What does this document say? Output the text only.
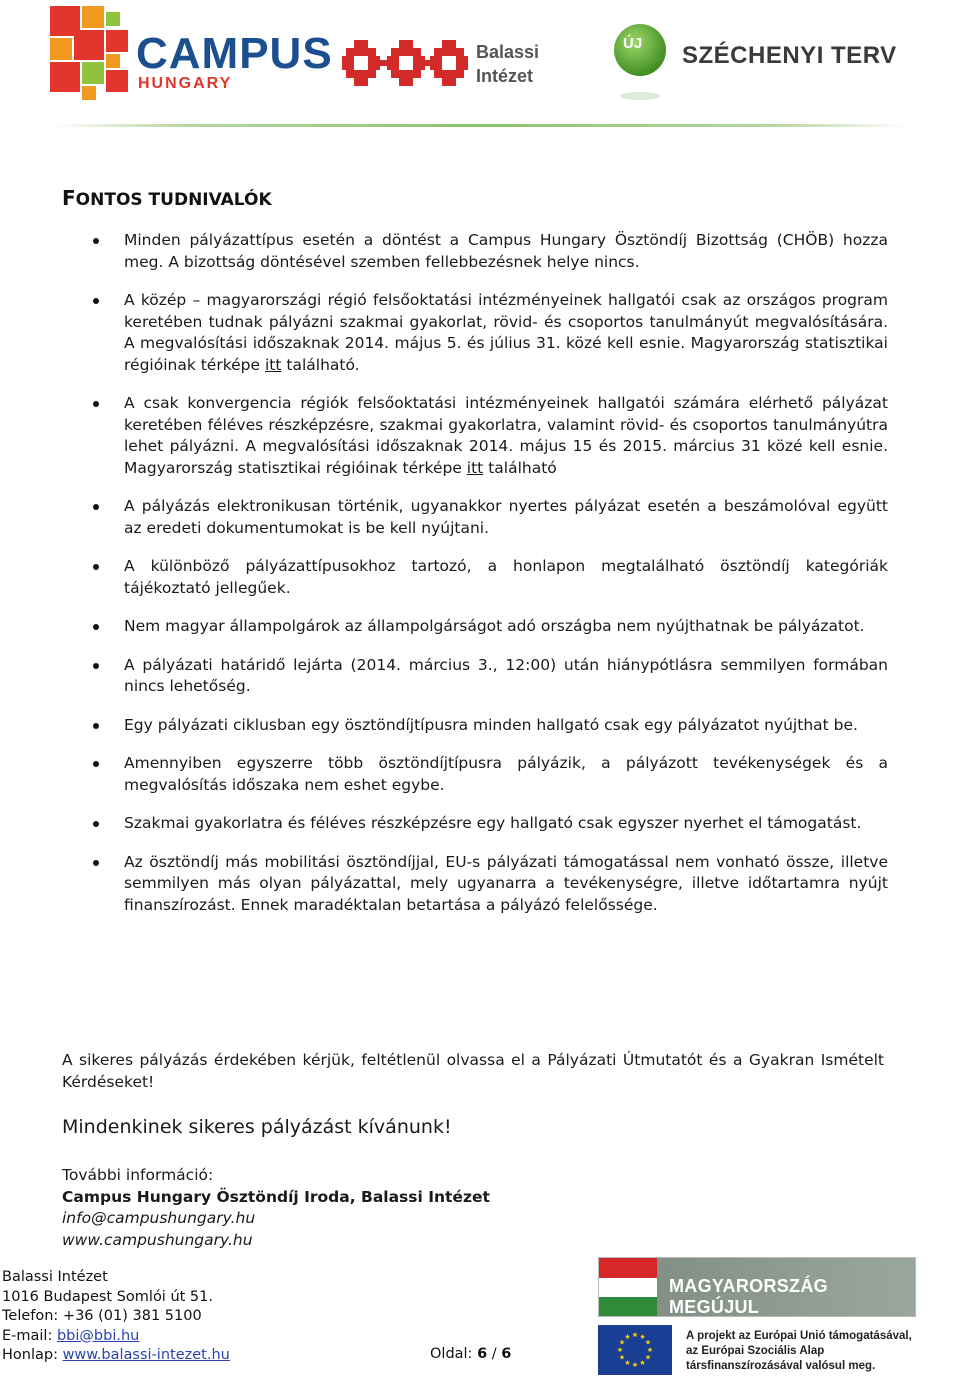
CAMPUS
HUNGARY
Balassi
Intézet
ÚJ SZÉCHENYI TERV
FONTOS TUDNIVALÓK
Minden pályázattípus esetén a döntést a Campus Hungary Ösztöndíj Bizottság (CHÖB) hozza meg. A bizottság döntésével szemben fellebbezésnek helye nincs.
A közép – magyarországi régió felsőoktatási intézményeinek hallgatói csak az országos program keretében tudnak pályázni szakmai gyakorlat, rövid- és csoportos tanulmányút megvalósítására. A megvalósítási időszaknak 2014. május 5. és július 31. közé kell esnie. Magyarország statisztikai régióinak térképe itt található.
A csak konvergencia régiók felsőoktatási intézményeinek hallgatói számára elérhető pályázat keretében féléves részképzésre, szakmai gyakorlatra, valamint rövid- és csoportos tanulmányútra lehet pályázni. A megvalósítási időszaknak 2014. május 15 és 2015. március 31 közé kell esnie. Magyarország statisztikai régióinak térképe itt található
A pályázás elektronikusan történik, ugyanakkor nyertes pályázat esetén a beszámolóval együtt az eredeti dokumentumokat is be kell nyújtani.
A különböző pályázattípusokhoz tartozó, a honlapon megtalálható ösztöndíj kategóriák tájékoztató jellegűek.
Nem magyar állampolgárok az állampolgárságot adó országba nem nyújthatnak be pályázatot.
A pályázati határidő lejárta (2014. március 3., 12:00) után hiánypótlásra semmilyen formában nincs lehetőség.
Egy pályázati ciklusban egy ösztöndíjtípusra minden hallgató csak egy pályázatot nyújthat be.
Amennyiben egyszerre több ösztöndíjtípusra pályázik, a pályázott tevékenységek és a megvalósítás időszaka nem eshet egybe.
Szakmai gyakorlatra és féléves részképzésre egy hallgató csak egyszer nyerhet el támogatást.
Az ösztöndíj más mobilitási ösztöndíjjal, EU-s pályázati támogatással nem vonható össze, illetve semmilyen más olyan pályázattal, mely ugyanarra a tevékenységre, illetve időtartamra nyújt finanszírozást. Ennek maradéktalan betartása a pályázó felelőssége.

A sikeres pályázás érdekében kérjük, feltétlenül olvassa el a Pályázati Útmutatót és a Gyakran Ismételt Kérdéseket!

Mindenkinek sikeres pályázást kívánunk!

További információ:
Campus Hungary Ösztöndíj Iroda, Balassi Intézet
info@campushungary.hu
www.campushungary.hu
Balassi Intézet
1016 Budapest Somlói út 51.
Telefon: +36 (01) 381 5100
E-mail: bbi@bbi.hu
Honlap: www.balassi-intezet.hu	Oldal: 6 / 6
MAGYARORSZÁG MEGÚJUL
★ ★
★
★
★
★
★
★
★
★
★
★	A projekt az Európai Unió támogatásával,
az Európai Szociális Alap
társfinanszírozásával valósul meg.
